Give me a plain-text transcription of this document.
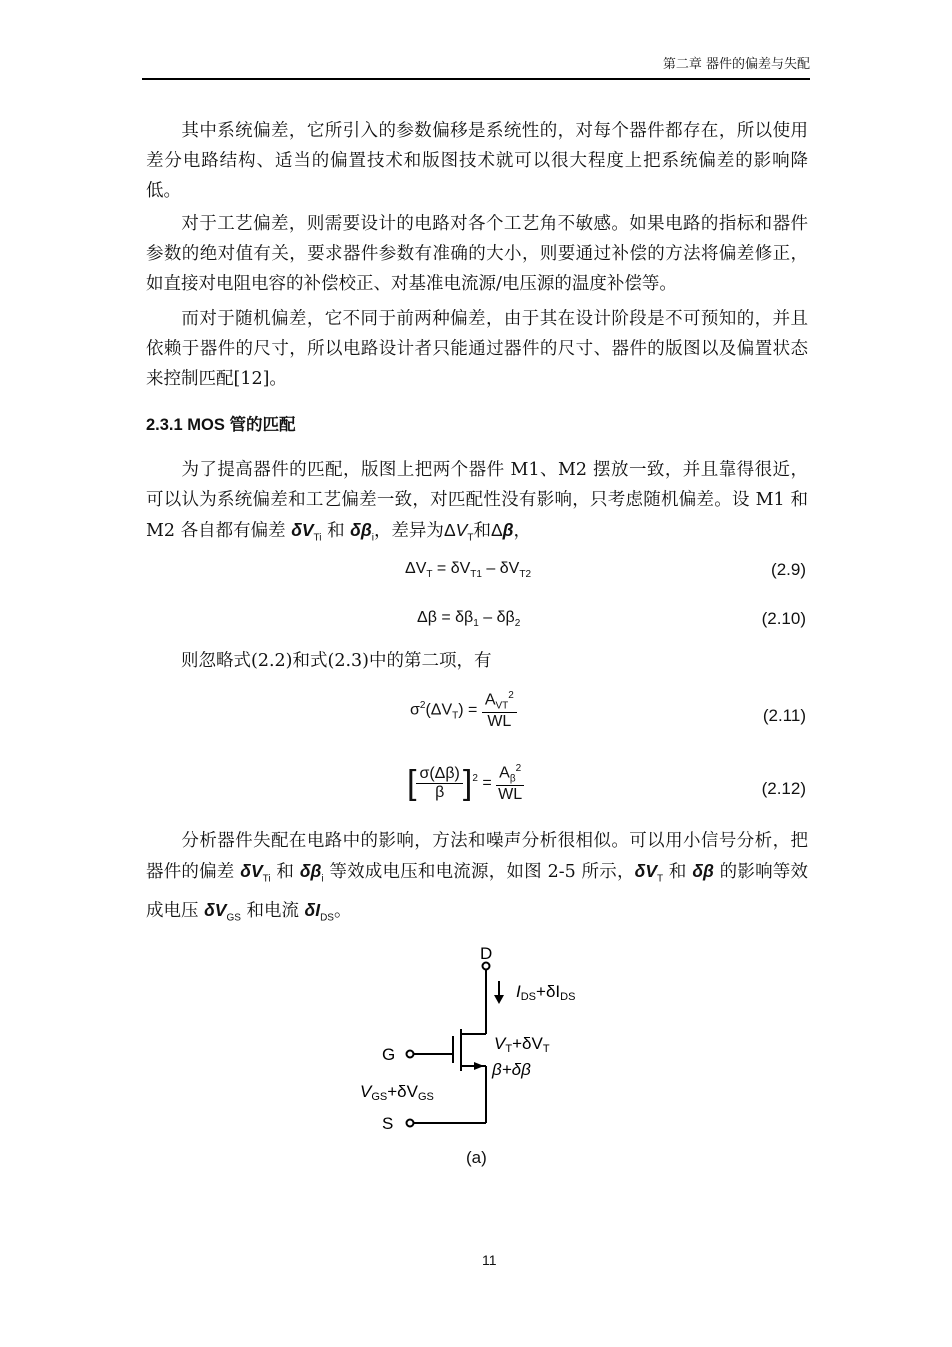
第二章 器件的偏差与失配

其中系统偏差，它所引入的参数偏移是系统性的，对每个器件都存在，所以使用差分电路结构、适当的偏置技术和版图技术就可以很大程度上把系统偏差的影响降低。

对于工艺偏差，则需要设计的电路对各个工艺角不敏感。如果电路的指标和器件参数的绝对值有关，要求器件参数有准确的大小，则要通过补偿的方法将偏差修正，如直接对电阻电容的补偿校正、对基准电流源/电压源的温度补偿等。

而对于随机偏差，它不同于前两种偏差，由于其在设计阶段是不可预知的，并且依赖于器件的尺寸，所以电路设计者只能通过器件的尺寸、器件的版图以及偏置状态来控制匹配[12]。

2.3.1 MOS 管的匹配

为了提高器件的匹配，版图上把两个器件 M1、M2 摆放一致，并且靠得很近，可以认为系统偏差和工艺偏差一致，对匹配性没有影响，只考虑随机偏差。设 M1 和 M2 各自都有偏差 $\delta V_{Ti}$ 和 $\delta\beta_i$，差异为$\Delta V_T$和Δβ，

$\Delta V_T = \delta V_{T1} - \delta V_{T2}$	(2.9)
$\Delta\beta = \delta\beta_1 - \delta\beta_2$	(2.10)

则忽略式(2.2)和式(2.3)中的第二项，有

$\sigma^2(\Delta V_T) = \frac{A_{VT}^2}{WL}$	(2.11)
[ $\frac{\sigma(\Delta\beta)}{\beta} ]^2 = \frac{A_\beta^2}{WL}$	(2.12)

分析器件失配在电路中的影响，方法和噪声分析很相似。可以用小信号分析，把器件的偏差 $\delta V_{Ti}$ 和 $\delta\beta_i$ 等效成电压和电流源，如图 2-5 所示，$\delta V_T$ 和 δβ 的影响等效成电压 $\delta V_{GS}$ 和电流 $\delta I_{DS}$。

D
G
S
IDS+δIDS
VT+δVT
β+δβ
VGS+δVGS
(a)
11
